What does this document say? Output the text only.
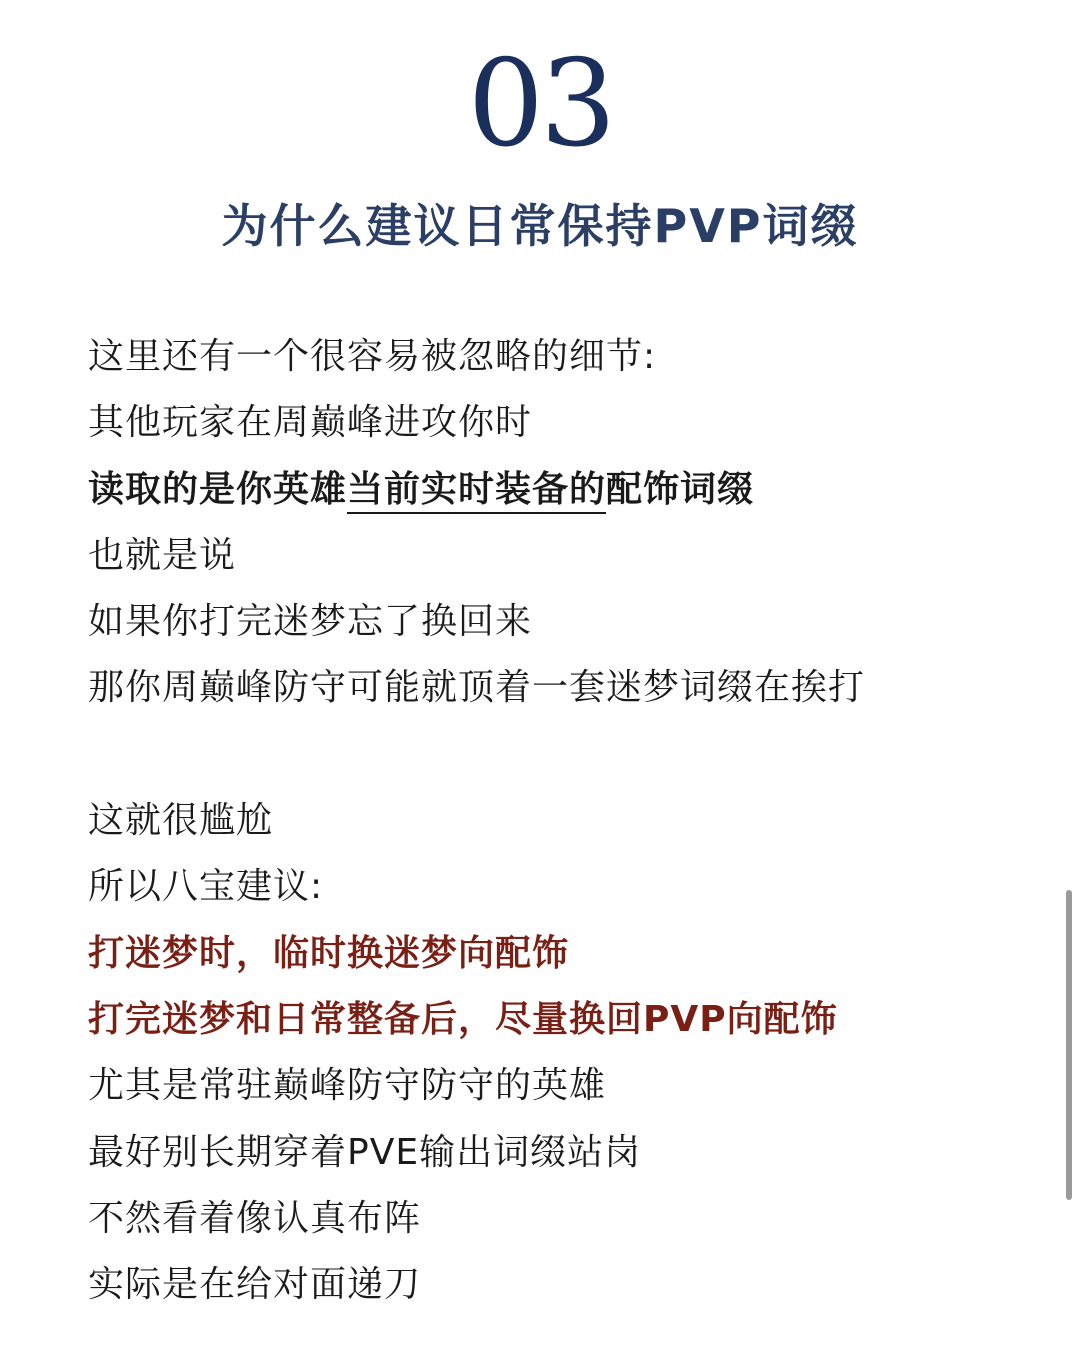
03
为什么建议日常保持PVP词缀
这里还有一个很容易被忽略的细节:
其他玩家在周巅峰进攻你时
读取的是你英雄当前实时装备的配饰词缀
也就是说
如果你打完迷梦忘了换回来
那你周巅峰防守可能就顶着一套迷梦词缀在挨打
这就很尴尬
所以八宝建议:
打迷梦时，临时换迷梦向配饰
打完迷梦和日常整备后，尽量换回PVP向配饰
尤其是常驻巅峰防守防守的英雄
最好别长期穿着PVE输出词缀站岗
不然看着像认真布阵
实际是在给对面递刀
